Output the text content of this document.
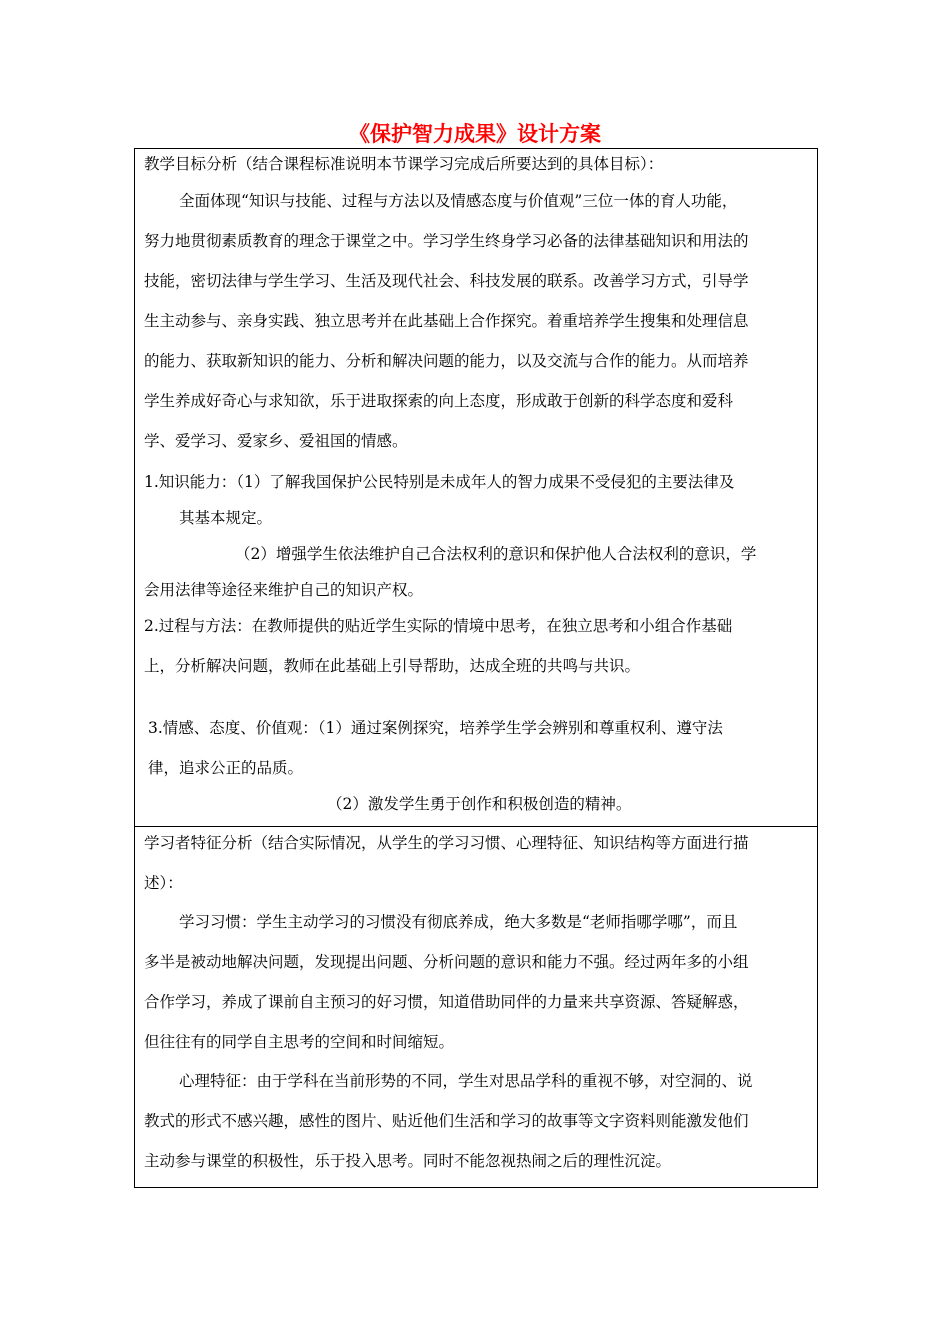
《保护智力成果》设计方案
教学目标分析（结合课程标准说明本节课学习完成后所要达到的具体目标）：
全面体现“知识与技能、过程与方法以及情感态度与价值观”三位一体的育人功能，
努力地贯彻素质教育的理念于课堂之中。学习学生终身学习必备的法律基础知识和用法的
技能，密切法律与学生学习、生活及现代社会、科技发展的联系。改善学习方式，引导学
生主动参与、亲身实践、独立思考并在此基础上合作探究。着重培养学生搜集和处理信息
的能力、获取新知识的能力、分析和解决问题的能力，以及交流与合作的能力。从而培养
学生养成好奇心与求知欲，乐于进取探索的向上态度，形成敢于创新的科学态度和爱科
学、爱学习、爱家乡、爱祖国的情感。
1.知识能力：（1）了解我国保护公民特别是未成年人的智力成果不受侵犯的主要法律及
其基本规定。
（2）增强学生依法维护自己合法权利的意识和保护他人合法权利的意识，学
会用法律等途径来维护自己的知识产权。
2.过程与方法：在教师提供的贴近学生实际的情境中思考，在独立思考和小组合作基础
上，分析解决问题，教师在此基础上引导帮助，达成全班的共鸣与共识。
3.情感、态度、价值观：（1）通过案例探究，培养学生学会辨别和尊重权利、遵守法
律，追求公正的品质。
（2）激发学生勇于创作和积极创造的精神。
学习者特征分析（结合实际情况，从学生的学习习惯、心理特征、知识结构等方面进行描
述）：
学习习惯：学生主动学习的习惯没有彻底养成，绝大多数是“老师指哪学哪”，而且
多半是被动地解决问题，发现提出问题、分析问题的意识和能力不强。经过两年多的小组
合作学习，养成了课前自主预习的好习惯，知道借助同伴的力量来共享资源、答疑解惑，
但往往有的同学自主思考的空间和时间缩短。
心理特征：由于学科在当前形势的不同，学生对思品学科的重视不够，对空洞的、说
教式的形式不感兴趣，感性的图片、贴近他们生活和学习的故事等文字资料则能激发他们
主动参与课堂的积极性，乐于投入思考。同时不能忽视热闹之后的理性沉淀。
